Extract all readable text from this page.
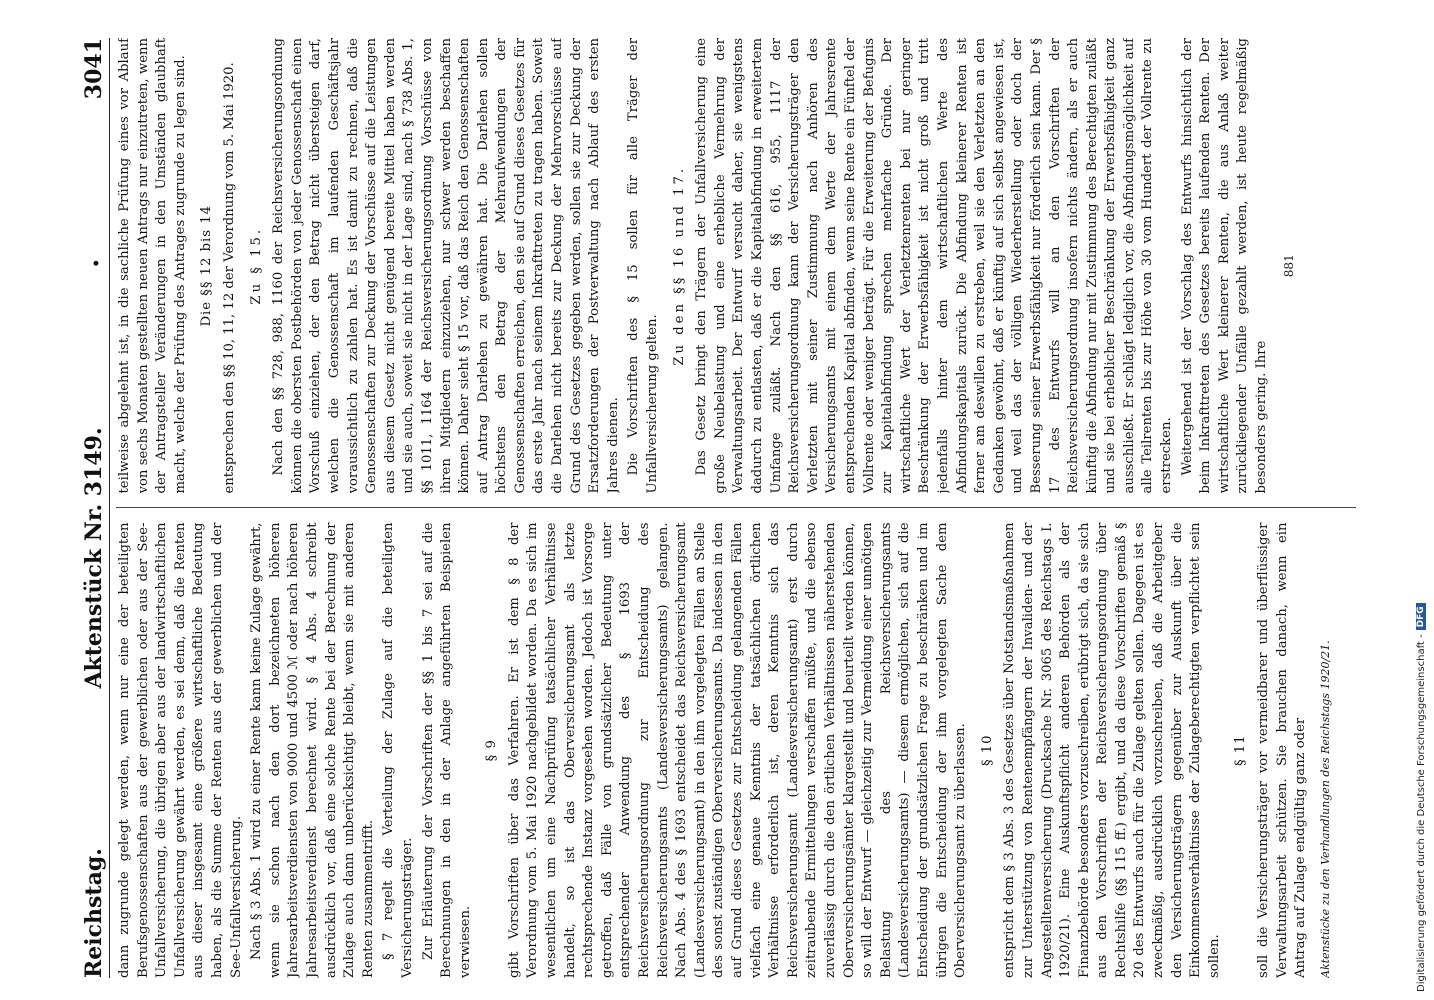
Reichstag.
Aktenstück Nr. 3149.
•
3041

dann zugrunde gelegt werden, wenn nur eine der beteiligten Berufsgenossenschaften aus der gewerblichen oder aus der See-Unfallversicherung, die übrigen aber aus der landwirtschaftlichen Unfallversicherung gewährt werden, es sei denn, daß die Renten aus dieser insgesamt eine größere wirtschaftliche Bedeutung haben, als die Summe der Renten aus der gewerblichen und der See-Unfallversicherung. Nach § 3 Abs. 1 wird zu einer Rente kann keine Zulage gewährt, wenn sie schon nach den dort bezeichneten höheren Jahresarbeitsverdiensten von 9000 und 4500 ℳ oder nach höheren Jahresarbeitsverdienst berechnet wird. § 4 Abs. 4 schreibt ausdrücklich vor, daß eine solche Rente bei der Berechnung der Zulage auch dann unberücksichtigt bleibt, wenn sie mit anderen Renten zusammentrifft. § 7 regelt die Verteilung der Zulage auf die beteiligten Versicherungsträger. Zur Erläuterung der Vorschriften der §§ 1 bis 7 sei auf die Berechnungen in den in der Anlage angeführten Beispielen verwiesen.

§ 9 gibt Vorschriften über das Verfahren. Er ist dem § 8 der Verordnung vom 5. Mai 1920 nachgebildet worden. Da es sich im wesentlichen um eine Nachprüfung tatsächlicher Verhältnisse handelt, so ist das Oberversicherungsamt als letzte rechtsprechende Instanz vorgesehen worden. Jedoch ist Vorsorge getroffen, daß Fälle von grundsätzlicher Bedeutung unter entsprechender Anwendung des § 1693 der Reichsversicherungsordnung zur Entscheidung des Reichsversicherungsamts (Landesversicherungsamts) gelangen. Nach Abs. 4 des § 1693 entscheidet das Reichsversicherungsamt (Landesversicherungsamt) in den ihm vorgelegten Fällen an Stelle des sonst zuständigen Oberversicherungsamts. Da indessen in den auf Grund dieses Gesetzes zur Entscheidung gelangenden Fällen vielfach eine genaue Kenntnis der tatsächlichen örtlichen Verhältnisse erforderlich ist, deren Kenntnis sich das Reichsversicherungsamt (Landesversicherungsamt) erst durch zeitraubende Ermittelungen verschaffen müßte, und die ebenso zuverlässig durch die den örtlichen Verhältnissen näherstehenden Oberversicherungsämter klargestellt und beurteilt werden können, so will der Entwurf — gleichzeitig zur Vermeidung einer unnötigen Belastung des Reichsversicherungsamts (Landesversicherungsamts) — diesem ermöglichen, sich auf die Entscheidung der grundsätzlichen Frage zu beschränken und im übrigen die Entscheidung der ihm vorgelegten Sache dem Oberversicherungsamt zu überlassen. § 10 entspricht dem § 3 Abs. 3 des Gesetzes über Notstandsmaßnahmen zur Unterstützung von Rentenempfängern der Invaliden- und der Angestelltenversicherung (Drucksache Nr. 3065 des Reichstags I. 1920/21). Eine Auskunftspflicht anderen Behörden als der Finanzbehörde besonders vorzuschreiben, erübrigt sich, da sie sich aus den Vorschriften der Reichsversicherungsordnung über Rechtshilfe (§§ 115 ff.) ergibt, und da diese Vorschriften gemäß § 20 des Entwurfs auch für die Zulage gelten sollen. Dagegen ist es zweckmäßig, ausdrücklich vorzuschreiben, daß die Arbeitgeber den Versicherungsträgern gegenüber zur Auskunft über die Einkommensverhältnisse der Zulageberechtigten verpflichtet sein sollen.

§ 11 soll die Versicherungsträger vor vermeidbarer und überflüssiger Verwaltungsarbeit schützen. Sie brauchen danach, wenn ein Antrag auf Zulage endgültig ganz oder Aktenstücke zu den Verhandlungen des Reichstags 1920/21.

teilweise abgelehnt ist, in die sachliche Prüfung eines vor Ablauf von sechs Monaten gestellten neuen Antrags nur einzutreten, wenn der Antragsteller Veränderungen in den Umständen glaubhaft macht, welche der Prüfung des Antrages zugrunde zu legen sind. Die §§ 12 bis 14 entsprechen den §§ 10, 11, 12 der Verordnung vom 5. Mai 1920. Zu § 15. Nach den §§ 728, 988, 1160 der Reichsversicherungsordnung können die obersten Postbehörden von jeder Genossenschaft einen Vorschuß einziehen, der den Betrag nicht übersteigen darf, welchen die Genossenschaft im laufenden Geschäftsjahr voraussichtlich zu zahlen hat. Es ist damit zu rechnen, daß die Genossenschaften zur Deckung der Vorschüsse auf die Leistungen aus diesem Gesetz nicht genügend bereite Mittel haben werden und sie auch, soweit sie nicht in der Lage sind, nach § 738 Abs. 1, §§ 1011, 1164 der Reichsversicherungsordnung Vorschüsse von ihren Mitgliedern einzuziehen, nur schwer werden beschaffen können. Daher sieht § 15 vor, daß das Reich den Genossenschaften auf Antrag Darlehen zu gewähren hat. Die Darlehen sollen höchstens den Betrag der Mehraufwendungen der Genossenschaften erreichen, den sie auf Grund dieses Gesetzes für das erste Jahr nach seinem Inkrafttreten zu tragen haben. Soweit die Darlehen nicht bereits zur Deckung der Mehrvorschüsse auf Grund des Gesetzes gegeben werden, sollen sie zur Deckung der Ersatzforderungen der Postverwaltung nach Ablauf des ersten Jahres dienen. Die Vorschriften des § 15 sollen für alle Träger der Unfallversicherung gelten.

Zu den §§ 16 und 17. Das Gesetz bringt den Trägern der Unfallversicherung eine große Neubelastung und eine erhebliche Vermehrung der Verwaltungsarbeit. Der Entwurf versucht daher, sie wenigstens dadurch zu entlasten, daß er die Kapitalabfindung in erweitertem Umfange zuläßt. Nach den §§ 616, 955, 1117 der Reichsversicherungsordnung kann der Versicherungsträger den Verletzten mit seiner Zustimmung nach Anhören des Versicherungsamts mit einem dem Werte der Jahresrente entsprechenden Kapital abfinden, wenn seine Rente ein Fünftel der Vollrente oder weniger beträgt. Für die Erweiterung der Befugnis zur Kapitalabfindung sprechen mehrfache Gründe. Der wirtschaftliche Wert der Verletztenrenten bei nur geringer Beschränkung der Erwerbsfähigkeit ist nicht groß und tritt jedenfalls hinter dem wirtschaftlichen Werte des Abfindungskapitals zurück. Die Abfindung kleinerer Renten ist ferner am deswillen zu erstreben, weil sie den Verletzten an den Gedanken gewöhnt, daß er künftig auf sich selbst angewiesen ist, und weil das der völligen Wiederherstellung oder doch der Besserung seiner Erwerbsfähigkeit nur förderlich sein kann. Der § 17 des Entwurfs will an den Vorschriften der Reichsversicherungsordnung insofern nichts ändern, als er auch künftig die Abfindung nur mit Zustimmung des Berechtigten zuläßt und sie bei erheblicher Beschränkung der Erwerbsfähigkeit ganz ausschließt. Er schlägt lediglich vor, die Abfindungsmöglichkeit auf alle Teilrenten bis zur Höhe von 30 vom Hundert der Vollrente zu erstrecken. Weitergehend ist der Vorschlag des Entwurfs hinsichtlich der beim Inkrafttreten des Gesetzes bereits laufenden Renten. Der wirtschaftliche Wert kleinerer Renten, die aus Anlaß weiter zurückliegender Unfälle gezahlt werden, ist heute regelmäßig besonders gering. Ihre

881
Digitalisierung gefördert durch die Deutsche Forschungsgemeinschaft -
DFG
